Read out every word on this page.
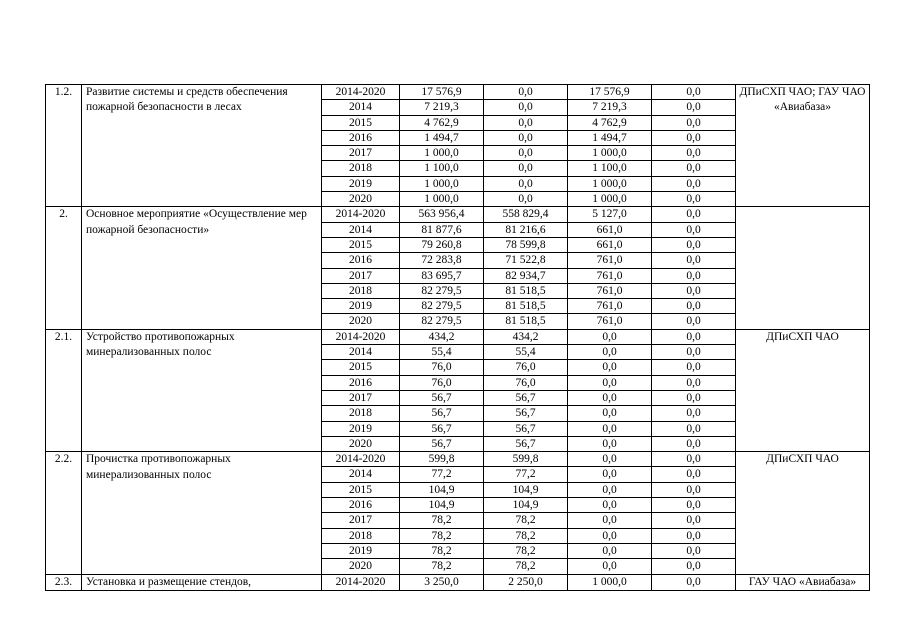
1.2.	Развитие системы и средств обеспечения пожарной безопасности в лесах	2014-2020	17 576,9	0,0	17 576,9	0,0	ДПиСХП ЧАО; ГАУ ЧАО «Авиабаза»
		2014	7 219,3	0,0	7 219,3	0,0	
		2015	4 762,9	0,0	4 762,9	0,0	
		2016	1 494,7	0,0	1 494,7	0,0	
		2017	1 000,0	0,0	1 000,0	0,0	
		2018	1 100,0	0,0	1 100,0	0,0	
		2019	1 000,0	0,0	1 000,0	0,0	
		2020	1 000,0	0,0	1 000,0	0,0	
2.	Основное мероприятие «Осуществление мер пожарной безопасности»	2014-2020	563 956,4	558 829,4	5 127,0	0,0	
		2014	81 877,6	81 216,6	661,0	0,0	
		2015	79 260,8	78 599,8	661,0	0,0	
		2016	72 283,8	71 522,8	761,0	0,0	
		2017	83 695,7	82 934,7	761,0	0,0	
		2018	82 279,5	81 518,5	761,0	0,0	
		2019	82 279,5	81 518,5	761,0	0,0	
		2020	82 279,5	81 518,5	761,0	0,0	
2.1.	Устройство противопожарных минерализованных полос	2014-2020	434,2	434,2	0,0	0,0	ДПиСХП ЧАО
		2014	55,4	55,4	0,0	0,0	
		2015	76,0	76,0	0,0	0,0	
		2016	76,0	76,0	0,0	0,0	
		2017	56,7	56,7	0,0	0,0	
		2018	56,7	56,7	0,0	0,0	
		2019	56,7	56,7	0,0	0,0	
		2020	56,7	56,7	0,0	0,0	
2.2.	Прочистка противопожарных минерализованных полос	2014-2020	599,8	599,8	0,0	0,0	ДПиСХП ЧАО
		2014	77,2	77,2	0,0	0,0	
		2015	104,9	104,9	0,0	0,0	
		2016	104,9	104,9	0,0	0,0	
		2017	78,2	78,2	0,0	0,0	
		2018	78,2	78,2	0,0	0,0	
		2019	78,2	78,2	0,0	0,0	
		2020	78,2	78,2	0,0	0,0	
2.3.	Установка и размещение стендов,	2014-2020	3 250,0	2 250,0	1 000,0	0,0	ГАУ ЧАО «Авиабаза»
